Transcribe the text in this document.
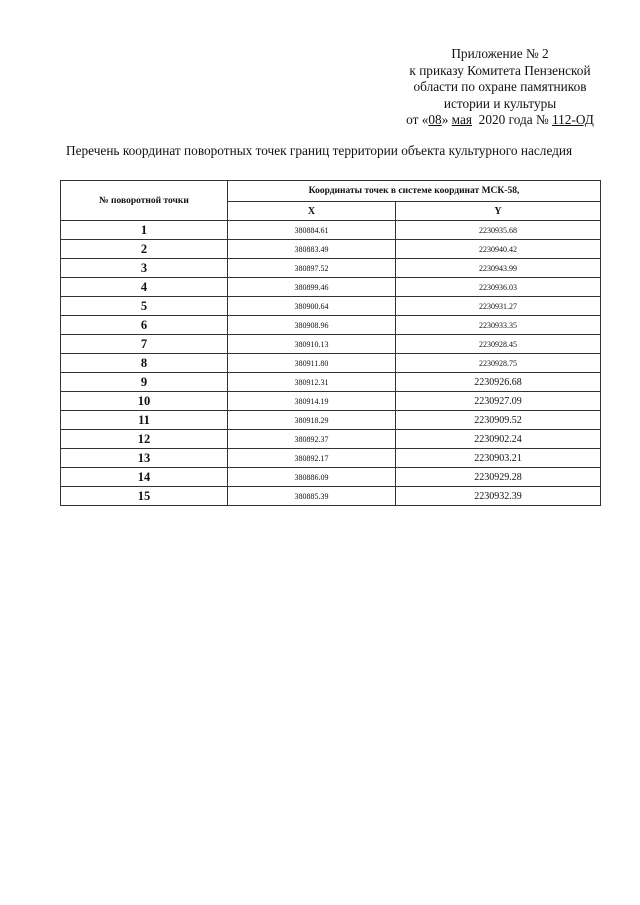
Приложение № 2
к приказу Комитета Пензенской
области по охране памятников
истории и культуры
от «08» мая  2020 года № 112-ОД
Перечень координат поворотных точек границ территории объекта культурного наследия
№ поворотной точки	Координаты точек в системе координат МСК-58,	
	X	Y
1	380884.61	2230935.68
2	380883.49	2230940.42
3	380897.52	2230943.99
4	380899.46	2230936.03
5	380900.64	2230931.27
6	380908.96	2230933.35
7	380910.13	2230928.45
8	380911.80	2230928.75
9	380912.31	2230926.68
10	380914.19	2230927.09
11	380918.29	2230909.52
12	380892.37	2230902.24
13	380892.17	2230903.21
14	380886.09	2230929.28
15	380885.39	2230932.39
